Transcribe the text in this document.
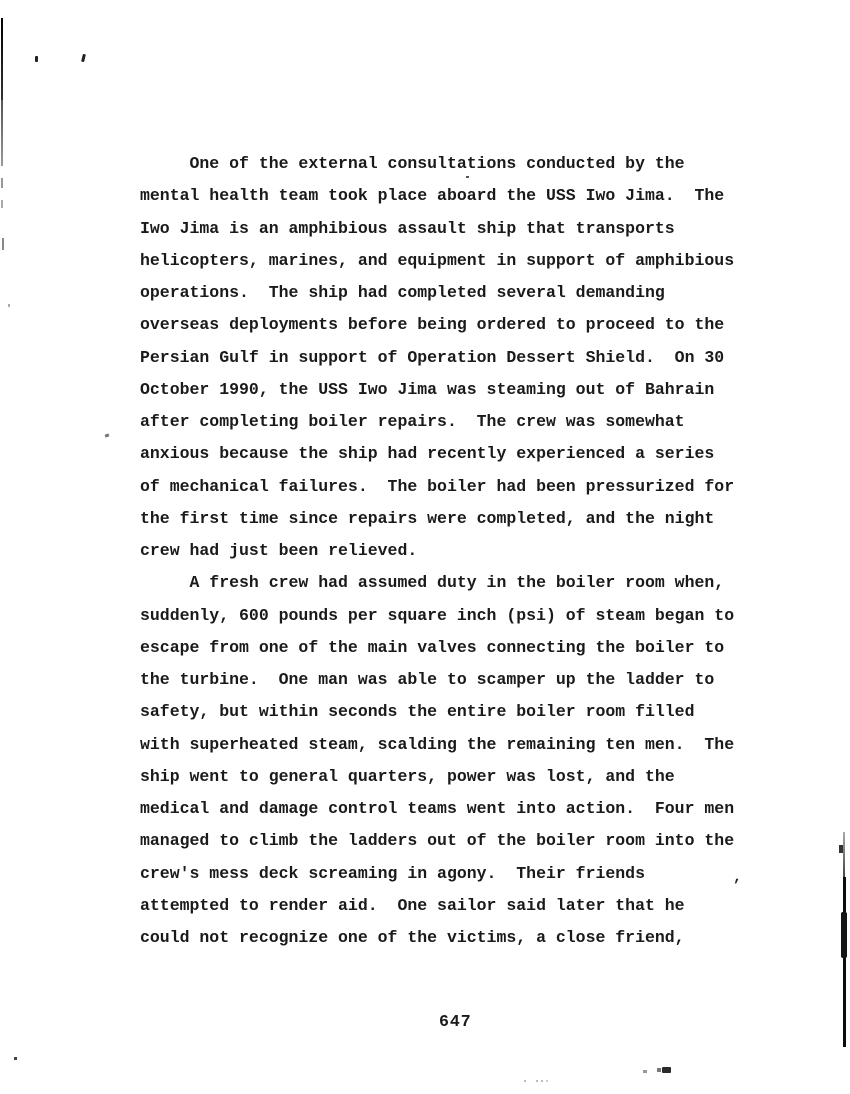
,
One of the external consultations conducted by the
mental health team took place aboard the USS Iwo Jima.  The
Iwo Jima is an amphibious assault ship that transports
helicopters, marines, and equipment in support of amphibious
operations.  The ship had completed several demanding
overseas deployments before being ordered to proceed to the
Persian Gulf in support of Operation Dessert Shield.  On 30
October 1990, the USS Iwo Jima was steaming out of Bahrain
after completing boiler repairs.  The crew was somewhat
anxious because the ship had recently experienced a series
of mechanical failures.  The boiler had been pressurized for
the first time since repairs were completed, and the night
crew had just been relieved.
A fresh crew had assumed duty in the boiler room when,
suddenly, 600 pounds per square inch (psi) of steam began to
escape from one of the main valves connecting the boiler to
the turbine.  One man was able to scamper up the ladder to
safety, but within seconds the entire boiler room filled
with superheated steam, scalding the remaining ten men.  The
ship went to general quarters, power was lost, and the
medical and damage control teams went into action.  Four men
managed to climb the ladders out of the boiler room into the
crew's mess deck screaming in agony.  Their friends
attempted to render aid.  One sailor said later that he
could not recognize one of the victims, a close friend,
647
